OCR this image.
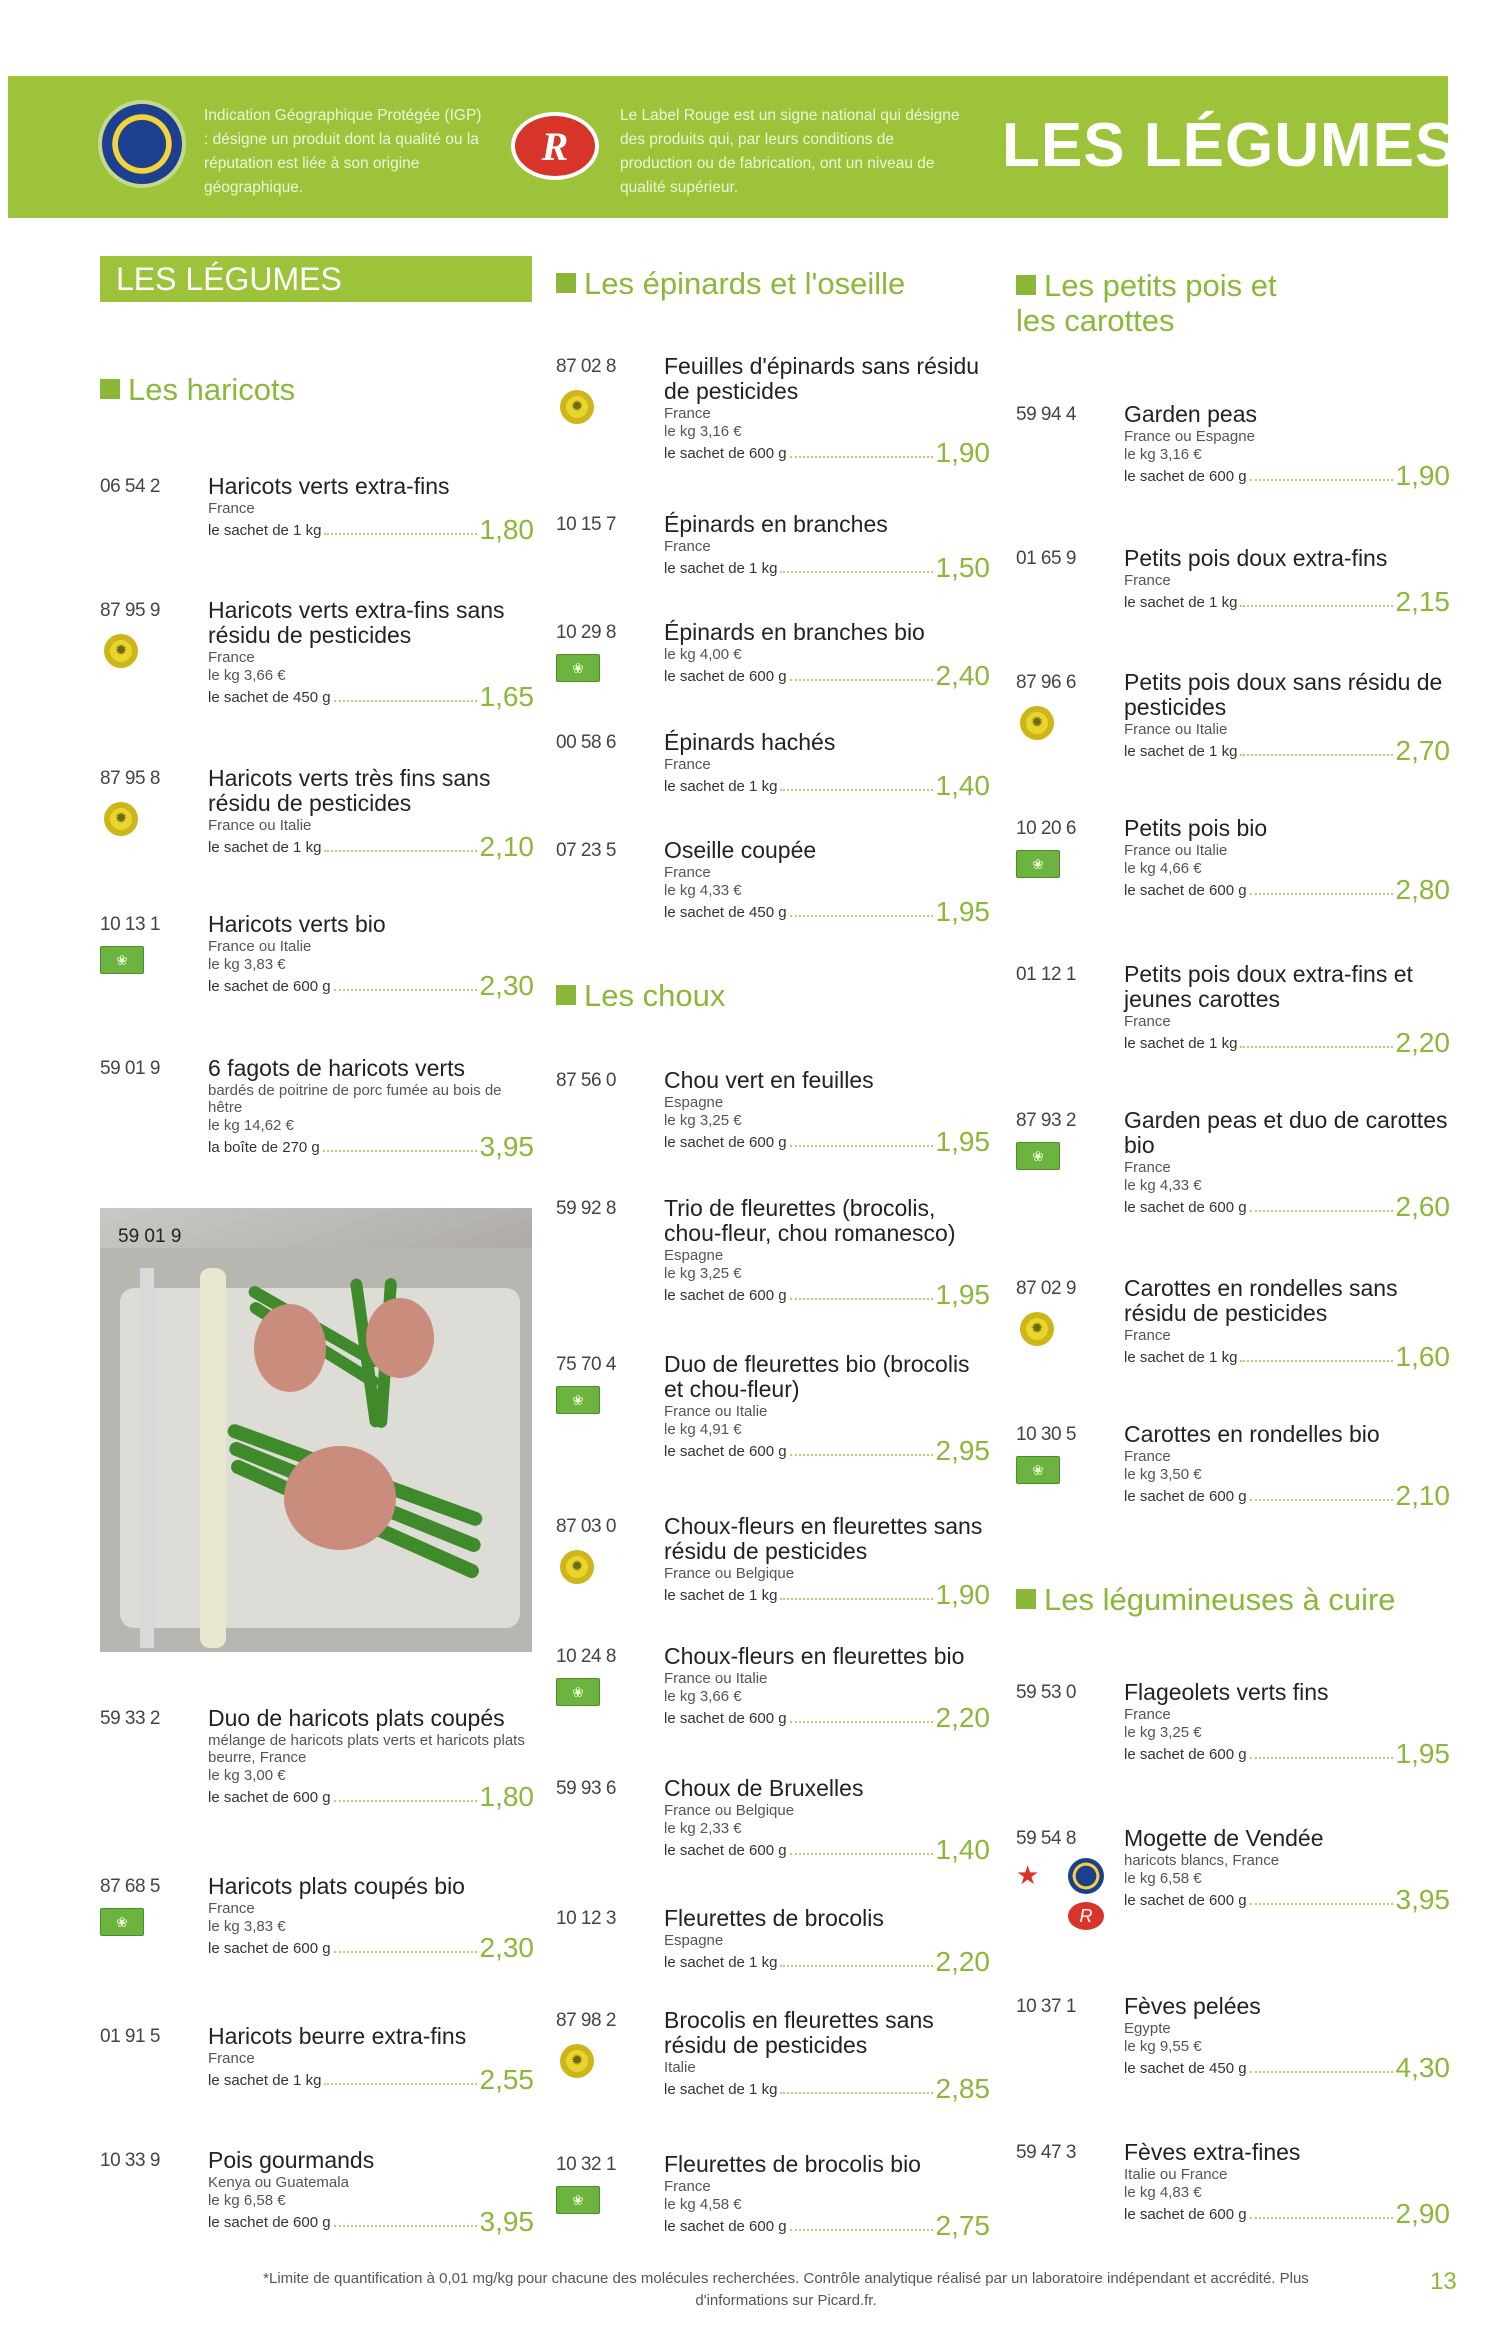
R
Indication Géographique Protégée (IGP) : désigne un produit dont la qualité ou la réputation est liée à son origine géographique.
Le Label Rouge est un signe national qui désigne des produits qui, par leurs conditions de production ou de fabrication, ont un niveau de qualité supérieur.
LES LÉGUMES
LES LÉGUMES
Les haricots
06 54 2 Haricots verts extra-fins
France
le sachet de 1 kg	1,80
87 95 9
✹
Haricots verts extra-fins sans résidu de pesticides
France
le kg 3,66 €
le sachet de 450 g	1,65
87 95 8
✹
Haricots verts très fins sans résidu de pesticides
France ou Italie
le sachet de 1 kg	2,10
10 13 1
❀
Haricots verts bio
France ou Italie
le kg 3,83 €
le sachet de 600 g	2,30
59 01 9 6 fagots de haricots verts
bardés de poitrine de porc fumée au bois de hêtre
le kg 14,62 €
la boîte de 270 g	3,95
59 01 9
59 33 2 Duo de haricots plats coupés
mélange de haricots plats verts et haricots plats beurre, France
le kg 3,00 €
le sachet de 600 g	1,80
87 68 5
❀
Haricots plats coupés bio
France
le kg 3,83 €
le sachet de 600 g	2,30
01 91 5 Haricots beurre extra-fins
France
le sachet de 1 kg	2,55
10 33 9 Pois gourmands
Kenya ou Guatemala
le kg 6,58 €
le sachet de 600 g	3,95
Les épinards et l'oseille
87 02 8
✹
Feuilles d'épinards sans résidu de pesticides
France
le kg 3,16 €
le sachet de 600 g	1,90
10 15 7 Épinards en branches
France
le sachet de 1 kg	1,50
10 29 8
❀
Épinards en branches bio
le kg 4,00 €
le sachet de 600 g	2,40
00 58 6 Épinards hachés
France
le sachet de 1 kg	1,40
07 23 5 Oseille coupée
France
le kg 4,33 €
le sachet de 450 g	1,95
Les choux
87 56 0 Chou vert en feuilles
Espagne
le kg 3,25 €
le sachet de 600 g	1,95
59 92 8 Trio de fleurettes (brocolis, chou-fleur, chou romanesco)
Espagne
le kg 3,25 €
le sachet de 600 g	1,95
75 70 4
❀
Duo de fleurettes bio (brocolis et chou-fleur)
France ou Italie
le kg 4,91 €
le sachet de 600 g	2,95
87 03 0
✹
Choux-fleurs en fleurettes sans résidu de pesticides
France ou Belgique
le sachet de 1 kg	1,90
10 24 8
❀
Choux-fleurs en fleurettes bio
France ou Italie
le kg 3,66 €
le sachet de 600 g	2,20
59 93 6 Choux de Bruxelles
France ou Belgique
le kg 2,33 €
le sachet de 600 g	1,40
10 12 3 Fleurettes de brocolis
Espagne
le sachet de 1 kg	2,20
87 98 2
✹
Brocolis en fleurettes sans résidu de pesticides
Italie
le sachet de 1 kg	2,85
10 32 1
❀
Fleurettes de brocolis bio
France
le kg 4,58 €
le sachet de 600 g	2,75
Les petits pois et les carottes
59 94 4 Garden peas
France ou Espagne
le kg 3,16 €
le sachet de 600 g	1,90
01 65 9 Petits pois doux extra-fins
France
le sachet de 1 kg	2,15
87 96 6
✹
Petits pois doux sans résidu de pesticides
France ou Italie
le sachet de 1 kg	2,70
10 20 6
❀
Petits pois bio
France ou Italie
le kg 4,66 €
le sachet de 600 g	2,80
01 12 1 Petits pois doux extra-fins et jeunes carottes
France
le sachet de 1 kg	2,20
87 93 2
❀
Garden peas et duo de carottes bio
France
le kg 4,33 €
le sachet de 600 g	2,60
87 02 9
✹
Carottes en rondelles sans résidu de pesticides
France
le sachet de 1 kg	1,60
10 30 5
❀
Carottes en rondelles bio
France
le kg 3,50 €
le sachet de 600 g	2,10
Les légumineuses à cuire
59 53 0 Flageolets verts fins
France
le kg 3,25 €
le sachet de 600 g	1,95
59 54 8
★
R
Mogette de Vendée
haricots blancs, France
le kg 6,58 €
le sachet de 600 g	3,95
10 37 1 Fèves pelées
Egypte
le kg 9,55 €
le sachet de 450 g	4,30
59 47 3 Fèves extra-fines
Italie ou France
le kg 4,83 €
le sachet de 600 g	2,90
*Limite de quantification à 0,01 mg/kg pour chacune des molécules recherchées. Contrôle analytique réalisé par un laboratoire indépendant et accrédité. Plus d'informations sur Picard.fr.
13
